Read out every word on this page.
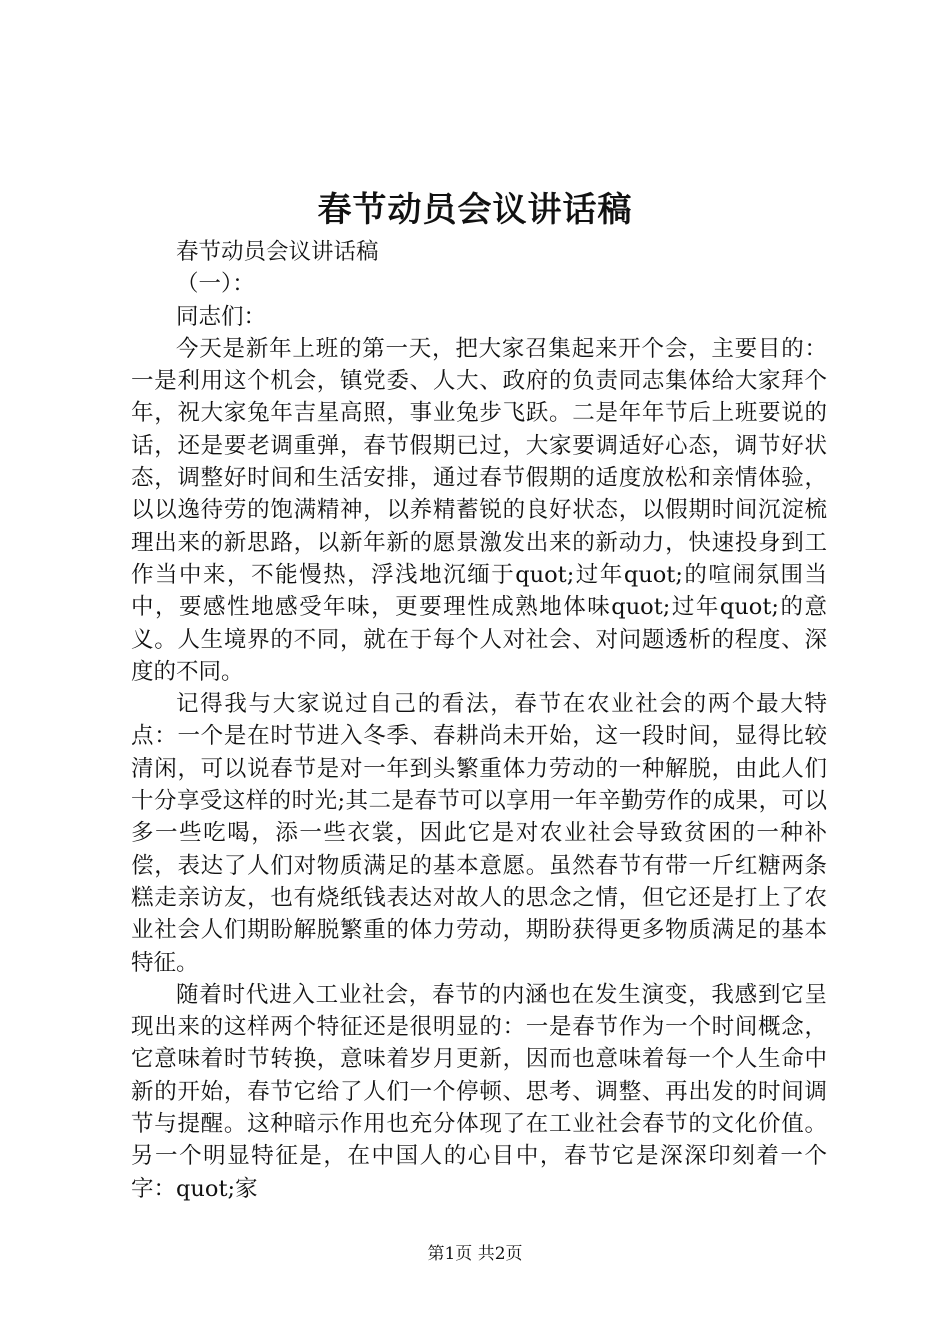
春节动员会议讲话稿

春节动员会议讲话稿

（一）：

同志们：

今天是新年上班的第一天，把大家召集起来开个会，主要目的：一是利用这个机会，镇党委、人大、政府的负责同志集体给大家拜个年，祝大家兔年吉星高照，事业兔步飞跃。二是年年节后上班要说的话，还是要老调重弹，春节假期已过，大家要调适好心态，调节好状态，调整好时间和生活安排，通过春节假期的适度放松和亲情体验，以以逸待劳的饱满精神，以养精蓄锐的良好状态，以假期时间沉淀梳理出来的新思路，以新年新的愿景激发出来的新动力，快速投身到工作当中来，不能慢热，浮浅地沉缅于quot;过年quot;的喧闹氛围当中，要感性地感受年味，更要理性成熟地体味quot;过年quot;的意义。人生境界的不同，就在于每个人对社会、对问题透析的程度、深度的不同。

记得我与大家说过自己的看法，春节在农业社会的两个最大特点：一个是在时节进入冬季、春耕尚未开始，这一段时间，显得比较清闲，可以说春节是对一年到头繁重体力劳动的一种解脱，由此人们十分享受这样的时光;其二是春节可以享用一年辛勤劳作的成果，可以多一些吃喝，添一些衣裳，因此它是对农业社会导致贫困的一种补偿，表达了人们对物质满足的基本意愿。虽然春节有带一斤红糖两条糕走亲访友，也有烧纸钱表达对故人的思念之情，但它还是打上了农业社会人们期盼解脱繁重的体力劳动，期盼获得更多物质满足的基本特征。

随着时代进入工业社会，春节的内涵也在发生演变，我感到它呈现出来的这样两个特征还是很明显的：一是春节作为一个时间概念，它意味着时节转换，意味着岁月更新，因而也意味着每一个人生命中新的开始，春节它给了人们一个停顿、思考、调整、再出发的时间调节与提醒。这种暗示作用也充分体现了在工业社会春节的文化价值。另一个明显特征是，在中国人的心目中，春节它是深深印刻着一个字：quot;家

第1页 共2页
